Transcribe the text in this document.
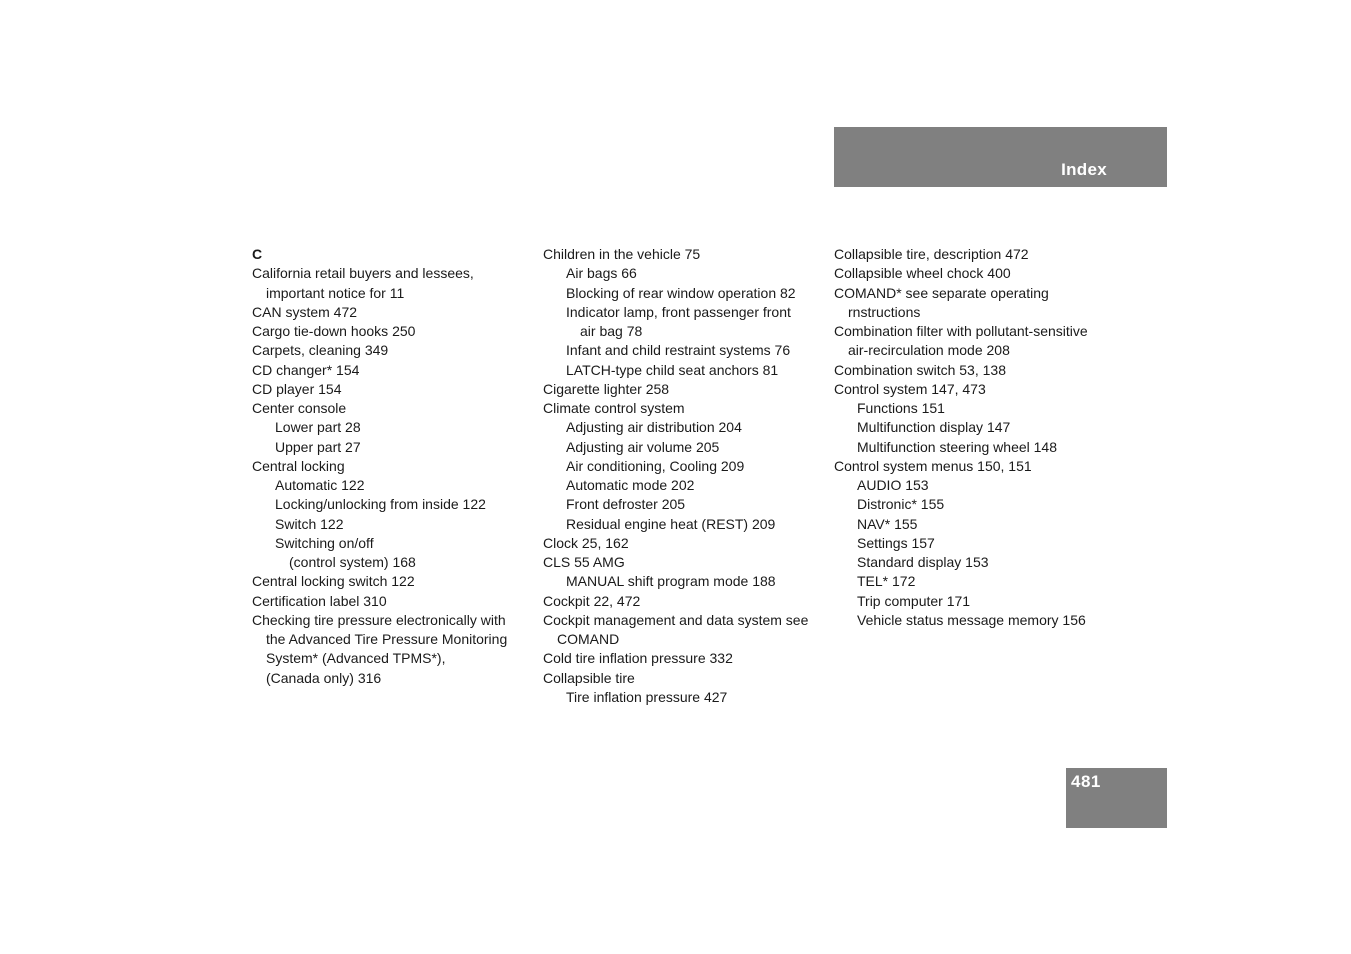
Index
C
California retail buyers and lessees,
important notice for 11
CAN system 472
Cargo tie-down hooks 250
Carpets, cleaning 349
CD changer* 154
CD player 154
Center console
Lower part 28
Upper part 27
Central locking
Automatic 122
Locking/unlocking from inside 122
Switch 122
Switching on/off
(control system) 168
Central locking switch 122
Certification label 310
Checking tire pressure electronically with
the Advanced Tire Pressure Monitoring
System* (Advanced TPMS*),
(Canada only) 316
Children in the vehicle 75
Air bags 66
Blocking of rear window operation 82
Indicator lamp, front passenger front
air bag 78
Infant and child restraint systems 76
LATCH-type child seat anchors 81
Cigarette lighter 258
Climate control system
Adjusting air distribution 204
Adjusting air volume 205
Air conditioning, Cooling 209
Automatic mode 202
Front defroster 205
Residual engine heat (REST) 209
Clock 25, 162
CLS 55 AMG
MANUAL shift program mode 188
Cockpit 22, 472
Cockpit management and data system see
COMAND
Cold tire inflation pressure 332
Collapsible tire
Tire inflation pressure 427
Collapsible tire, description 472
Collapsible wheel chock 400
COMAND* see separate operating
rnstructions
Combination filter with pollutant-sensitive
air-recirculation mode 208
Combination switch 53, 138
Control system 147, 473
Functions 151
Multifunction display 147
Multifunction steering wheel 148
Control system menus 150, 151
AUDIO 153
Distronic* 155
NAV* 155
Settings 157
Standard display 153
TEL* 172
Trip computer 171
Vehicle status message memory 156
481
